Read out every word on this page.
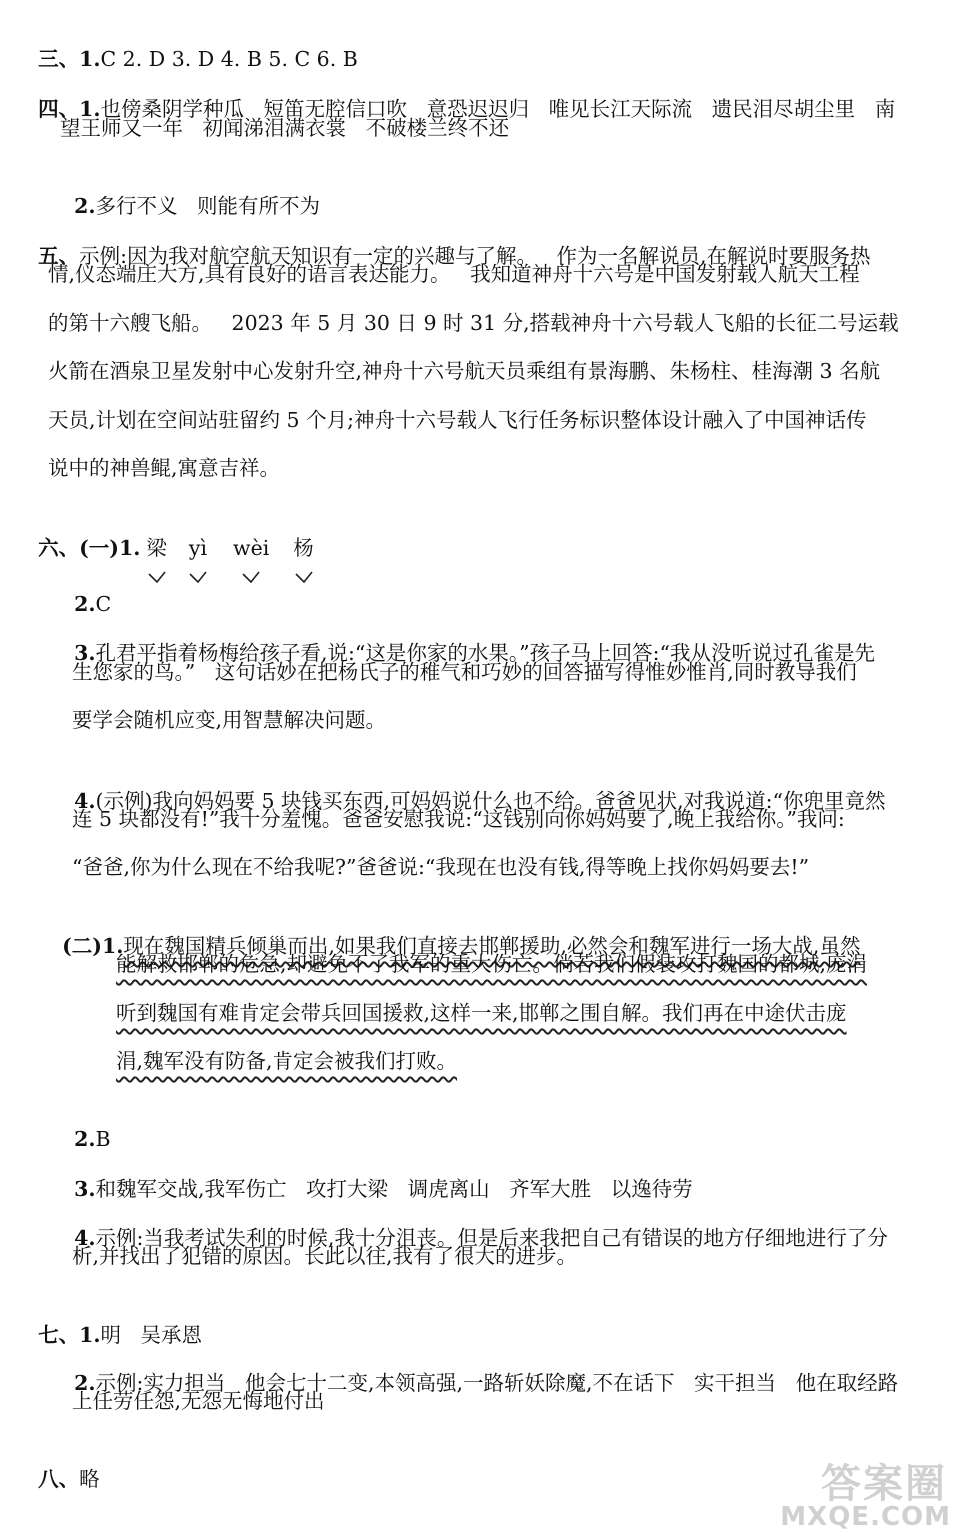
三、1.C 2. D 3. D 4. B 5. C 6. B

四、1.也傍桑阴学种瓜   短笛无腔信口吹   意恐迟迟归   唯见长江天际流   遗民泪尽胡尘里   南

望王师又一年   初闻涕泪满衣裳   不破楼兰终不还

2.多行不义   则能有所不为

五、示例:因为我对航空航天知识有一定的兴趣与了解。   作为一名解说员,在解说时要服务热

情,仪态端庄大方,具有良好的语言表达能力。   我知道神舟十六号是中国发射载人航天工程
的第十六艘飞船。   2023 年 5 月 30 日 9 时 31 分,搭载神舟十六号载人飞船的长征二号运载
火箭在酒泉卫星发射中心发射升空,神舟十六号航天员乘组有景海鹏、朱杨柱、桂海潮 3 名航
天员,计划在空间站驻留约 5 个月;神舟十六号载人飞行任务标识整体设计融入了中国神话传
说中的神兽鲲,寓意吉祥。

六、(一)1. 梁 yì wèi 杨

2.C

3.孔君平指着杨梅给孩子看,说:“这是你家的水果。”孩子马上回答:“我从没听说过孔雀是先

生您家的鸟。”   这句话妙在把杨氏子的稚气和巧妙的回答描写得惟妙惟肖,同时教导我们
要学会随机应变,用智慧解决问题。

4.(示例)我向妈妈要 5 块钱买东西,可妈妈说什么也不给。爸爸见状,对我说道:“你兜里竟然

连 5 块都没有!”我十分羞愧。爸爸安慰我说:“这钱别向你妈妈要了,晚上我给你。”我问:
“爸爸,你为什么现在不给我呢?”爸爸说:“我现在也没有钱,得等晚上找你妈妈要去!”

(二)1.现在魏国精兵倾巢而出,如果我们直接去邯郸援助,必然会和魏军进行一场大战,虽然

能解救邯郸的危急,却避免不了我军的重大伤亡。倘若我们假装攻打魏国的都城,庞涓
听到魏国有难肯定会带兵回国援救,这样一来,邯郸之围自解。我们再在中途伏击庞
涓,魏军没有防备,肯定会被我们打败。

2.B

3.和魏军交战,我军伤亡   攻打大梁   调虎离山   齐军大胜   以逸待劳

4.示例:当我考试失利的时候,我十分沮丧。但是后来我把自己有错误的地方仔细地进行了分

析,并找出了犯错的原因。长此以往,我有了很大的进步。

七、1.明   吴承恩

2.示例:实力担当   他会七十二变,本领高强,一路斩妖除魔,不在话下   实干担当   他在取经路

上任劳任怨,无怨无悔地付出

八、略
	答案圈
MXQE.COM
